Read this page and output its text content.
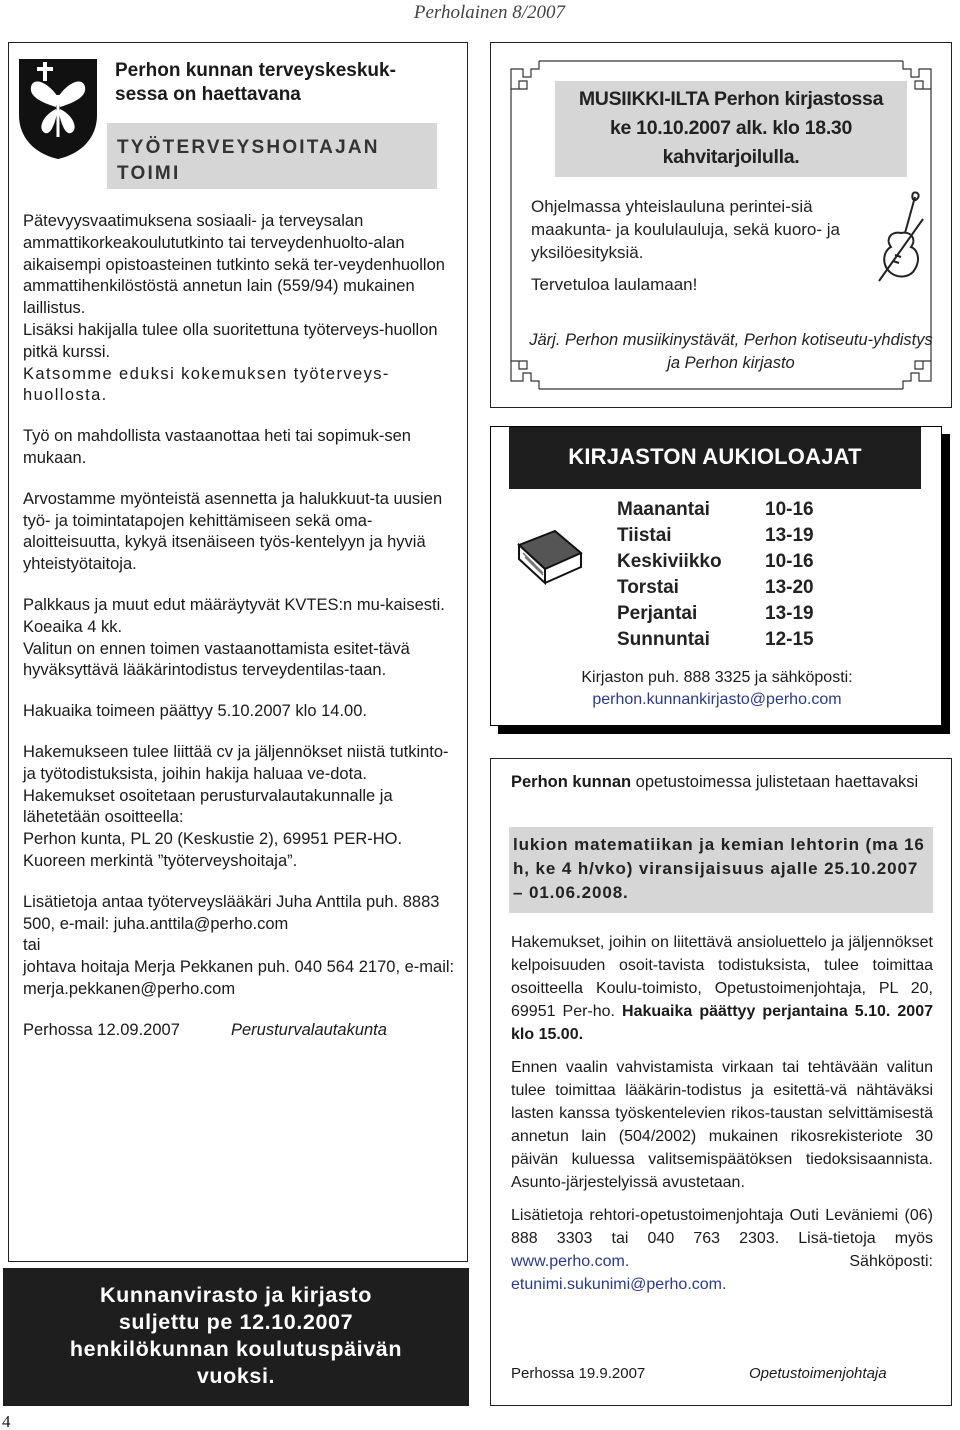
Perholainen 8/2007
Perhon kunnan terveyskeskuk-sessa on haettavana
TYÖTERVEYSHOITAJAN TOIMI

Pätevyysvaatimuksena sosiaali- ja terveysalan ammattikorkeakoulututkinto tai terveydenhuolto-alan aikaisempi opistoasteinen tutkinto sekä ter-veydenhuollon ammattihenkilöstöstä annetun lain (559/94) mukainen laillistus.

Lisäksi hakijalla tulee olla suoritettuna työterveys-huollon pitkä kurssi.

Katsomme eduksi kokemuksen työterveys-huollosta.

Työ on mahdollista vastaanottaa heti tai sopimuk-sen mukaan.

Arvostamme myönteistä asennetta ja halukkuut-ta uusien työ- ja toimintatapojen kehittämiseen sekä oma-aloitteisuutta, kykyä itsenäiseen työs-kentelyyn ja hyviä yhteistyötaitoja.

Palkkaus ja muut edut määräytyvät KVTES:n mu-kaisesti.

Koeaika 4 kk.

Valitun on ennen toimen vastaanottamista esitet-tävä hyväksyttävä lääkärintodistus terveydentilas-taan.

Hakuaika toimeen päättyy 5.10.2007 klo 14.00.

Hakemukseen tulee liittää cv ja jäljennökset niistä tutkinto- ja työtodistuksista, joihin hakija haluaa ve-dota.

Hakemukset osoitetaan perusturvalautakunnalle ja lähetetään osoitteella:

Perhon kunta, PL 20 (Keskustie 2), 69951 PER-HO.

Kuoreen merkintä ”työterveyshoitaja”.

Lisätietoja antaa työterveyslääkäri Juha Anttila puh. 8883 500, e-mail: juha.anttila@perho.com

tai

johtava hoitaja Merja Pekkanen puh. 040 564 2170, e-mail: merja.pekkanen@perho.com

Perhossa 12.09.2007	Perusturvalautakunta
Kunnanvirasto ja kirjasto
suljettu pe 12.10.2007
henkilökunnan koulutuspäivän
vuoksi.
MUSIIKKI-ILTA Perhon kirjastossa
ke 10.10.2007 alk. klo 18.30
kahvitarjoilulla.

Ohjelmassa yhteislauluna perintei-siä maakunta- ja koululauluja, sekä kuoro- ja yksilöesityksiä.

Tervetuloa laulamaan!

Järj. Perhon musiikinystävät, Perhon kotiseutu-yhdistys ja Perhon kirjasto
KIRJASTON AUKIOLOAJAT
Maanantai	10-16
Tiistai	13-19
Keskiviikko	10-16
Torstai	13-20
Perjantai	13-19
Sunnuntai	12-15
Kirjaston puh. 888 3325 ja sähköposti:
perhon.kunnankirjasto@perho.com
Perhon kunnan opetustoimessa julistetaan haettavaksi
lukion matematiikan ja kemian lehtorin (ma 16 h, ke 4 h/vko) viransijaisuus ajalle 25.10.2007 – 01.06.2008.

Hakemukset, joihin on liitettävä ansioluettelo ja jäljennökset kelpoisuuden osoit-tavista todistuksista, tulee toimittaa osoitteella Koulu-toimisto, Opetustoimenjohtaja, PL 20, 69951 Per-ho. Hakuaika päättyy perjantaina 5.10. 2007 klo 15.00.

Ennen vaalin vahvistamista virkaan tai tehtävään valitun tulee toimittaa lääkärin-todistus ja esitettä-vä nähtäväksi lasten kanssa työskentelevien rikos-taustan selvittämisestä annetun lain (504/2002) mukainen rikosrekisteriote 30 päivän kuluessa valitsemispäätöksen tiedoksisaannista. Asunto-järjestelyissä avustetaan.

Lisätietoja rehtori-opetustoimenjohtaja Outi Leväniemi (06) 888 3303 tai 040 763 2303. Lisä-tietoja myös www.perho.com. Sähköposti: etunimi.sukunimi@perho.com.

Perhossa 19.9.2007	Opetustoimenjohtaja
4
